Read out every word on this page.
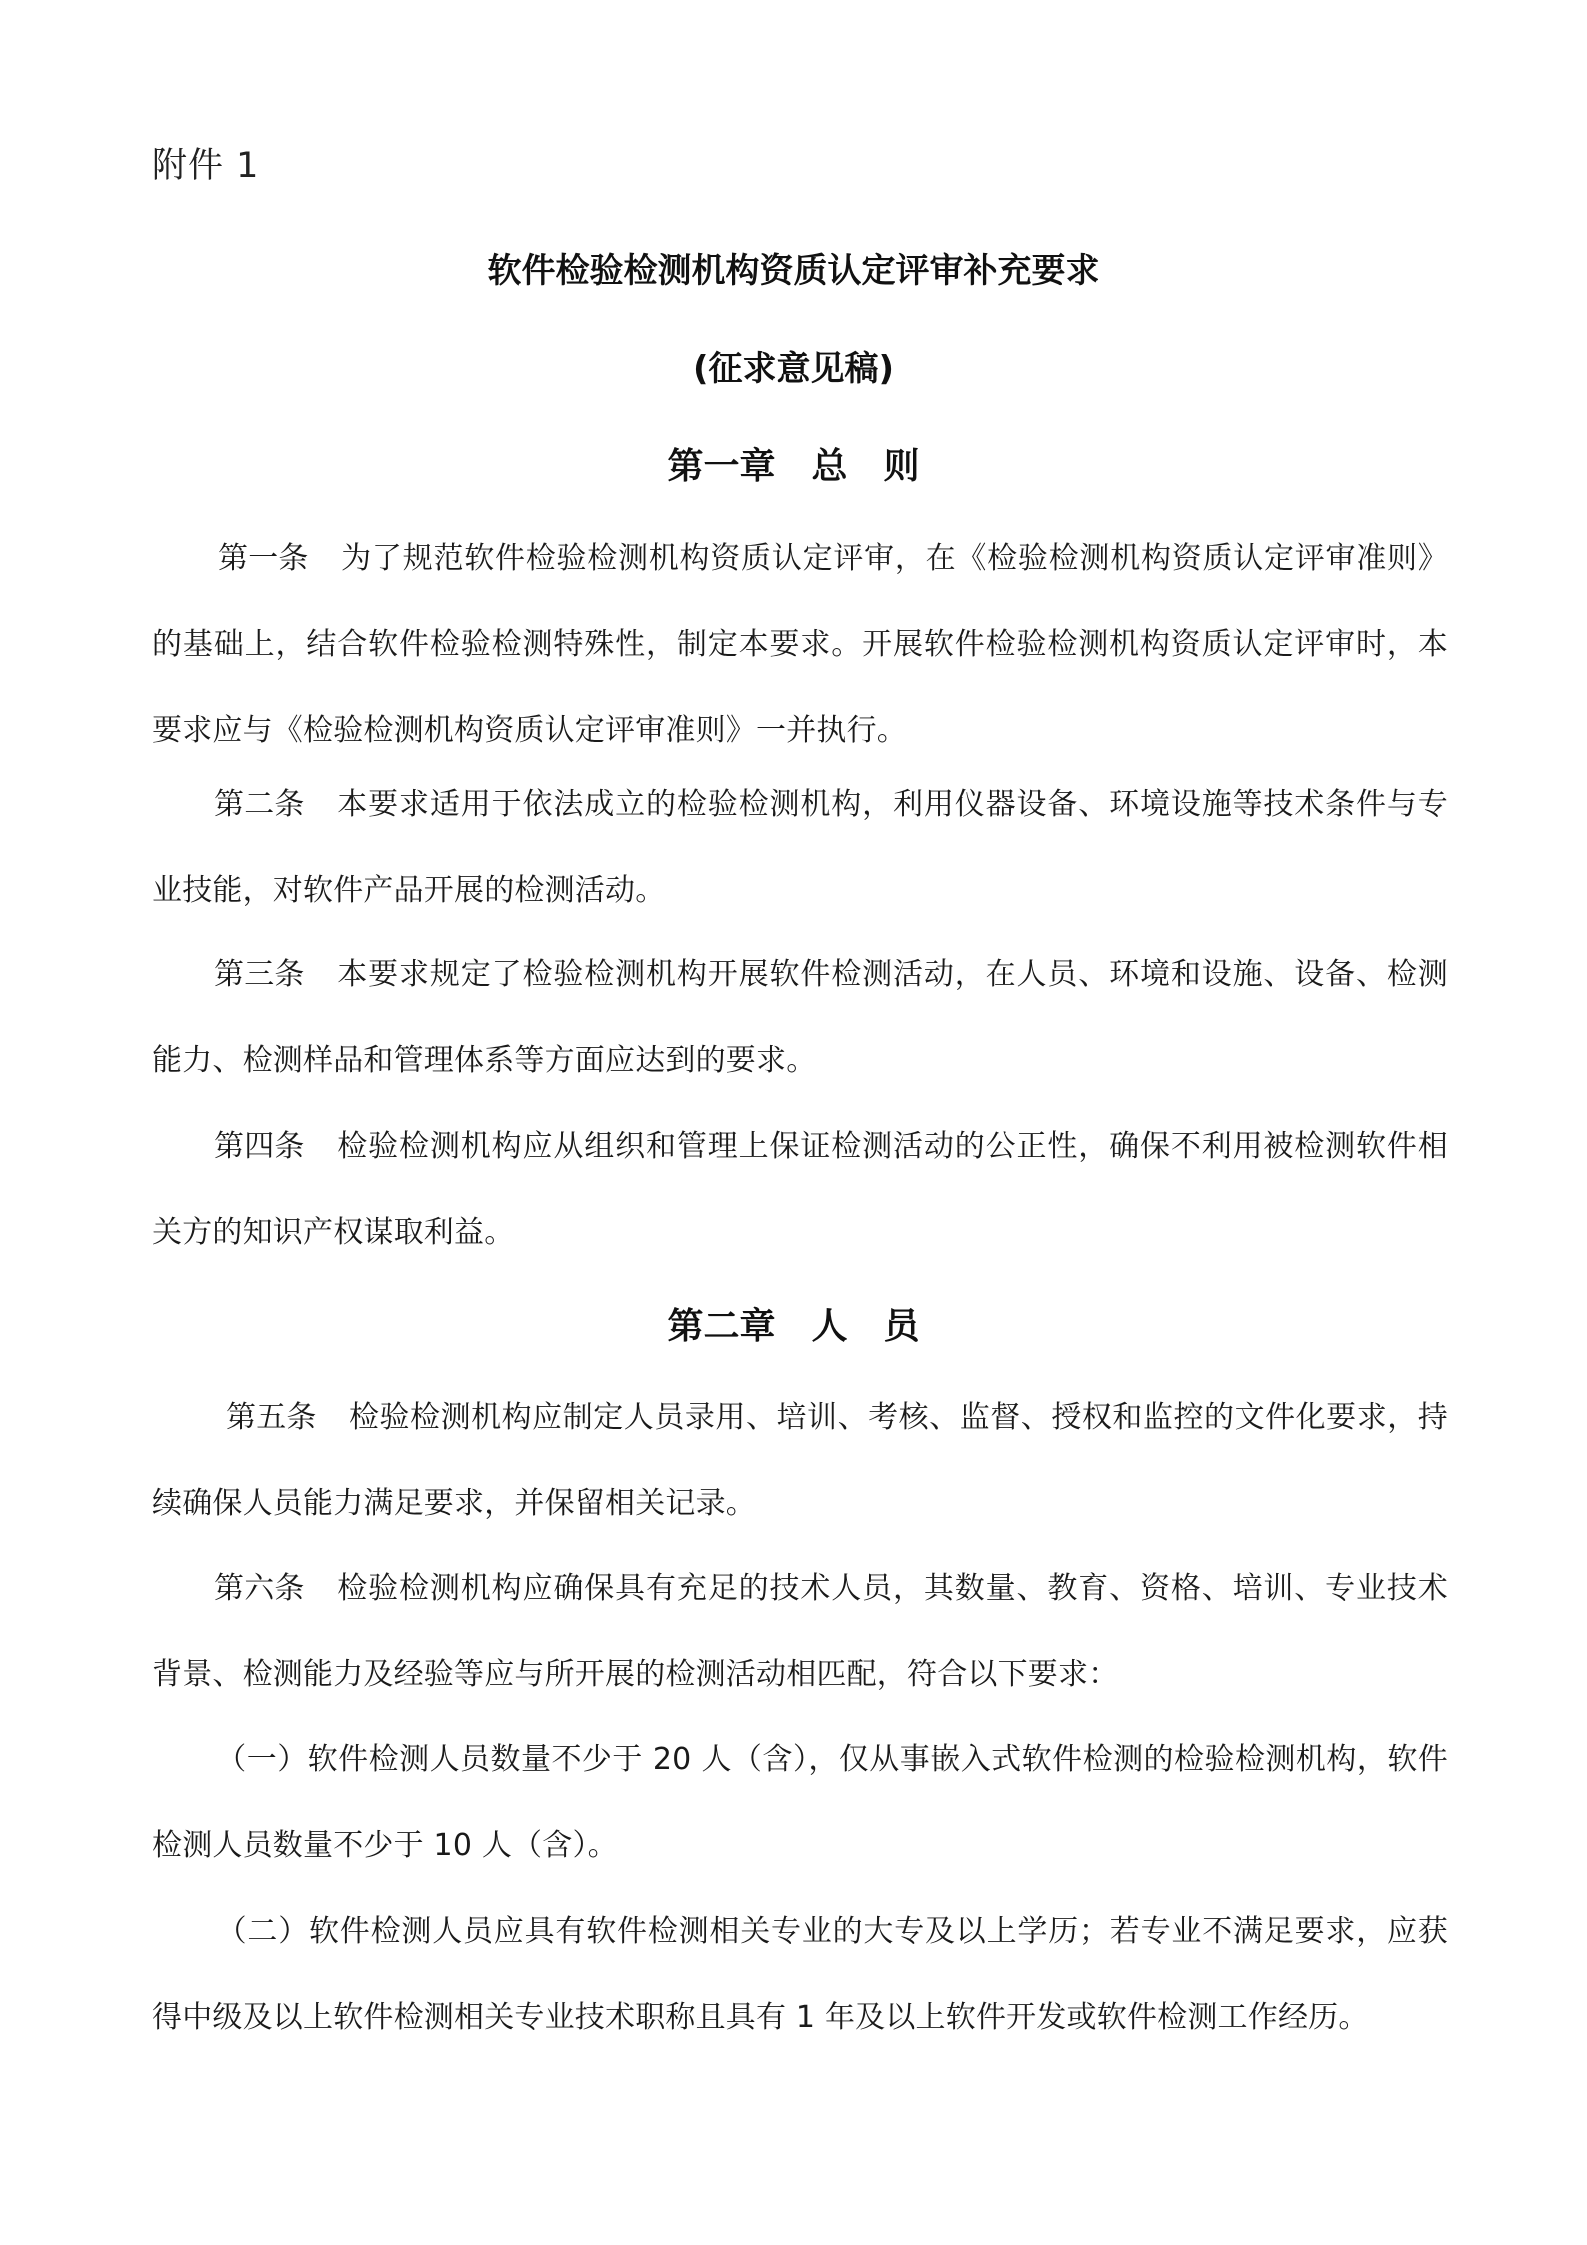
附件 1
软件检验检测机构资质认定评审补充要求
(征求意见稿)
第一章 总　则
第一条 为了规范软件检验检测机构资质认定评审，在《检验检测机构资质认定评审准则》的基础上，结合软件检验检测特殊性，制定本要求。开展软件检验检测机构资质认定评审时，本要求应与《检验检测机构资质认定评审准则》一并执行。
第二条 本要求适用于依法成立的检验检测机构，利用仪器设备、环境设施等技术条件与专业技能，对软件产品开展的检测活动。
第三条 本要求规定了检验检测机构开展软件检测活动，在人员、环境和设施、设备、检测能力、检测样品和管理体系等方面应达到的要求。
第四条 检验检测机构应从组织和管理上保证检测活动的公正性，确保不利用被检测软件相关方的知识产权谋取利益。
第二章 人　员
第五条 检验检测机构应制定人员录用、培训、考核、监督、授权和监控的文件化要求，持续确保人员能力满足要求，并保留相关记录。
第六条 检验检测机构应确保具有充足的技术人员，其数量、教育、资格、培训、专业技术背景、检测能力及经验等应与所开展的检测活动相匹配，符合以下要求：
（一）软件检测人员数量不少于 20 人（含），仅从事嵌入式软件检测的检验检测机构，软件检测人员数量不少于 10 人（含）。
（二）软件检测人员应具有软件检测相关专业的大专及以上学历；若专业不满足要求，应获得中级及以上软件检测相关专业技术职称且具有 1 年及以上软件开发或软件检测工作经历。
